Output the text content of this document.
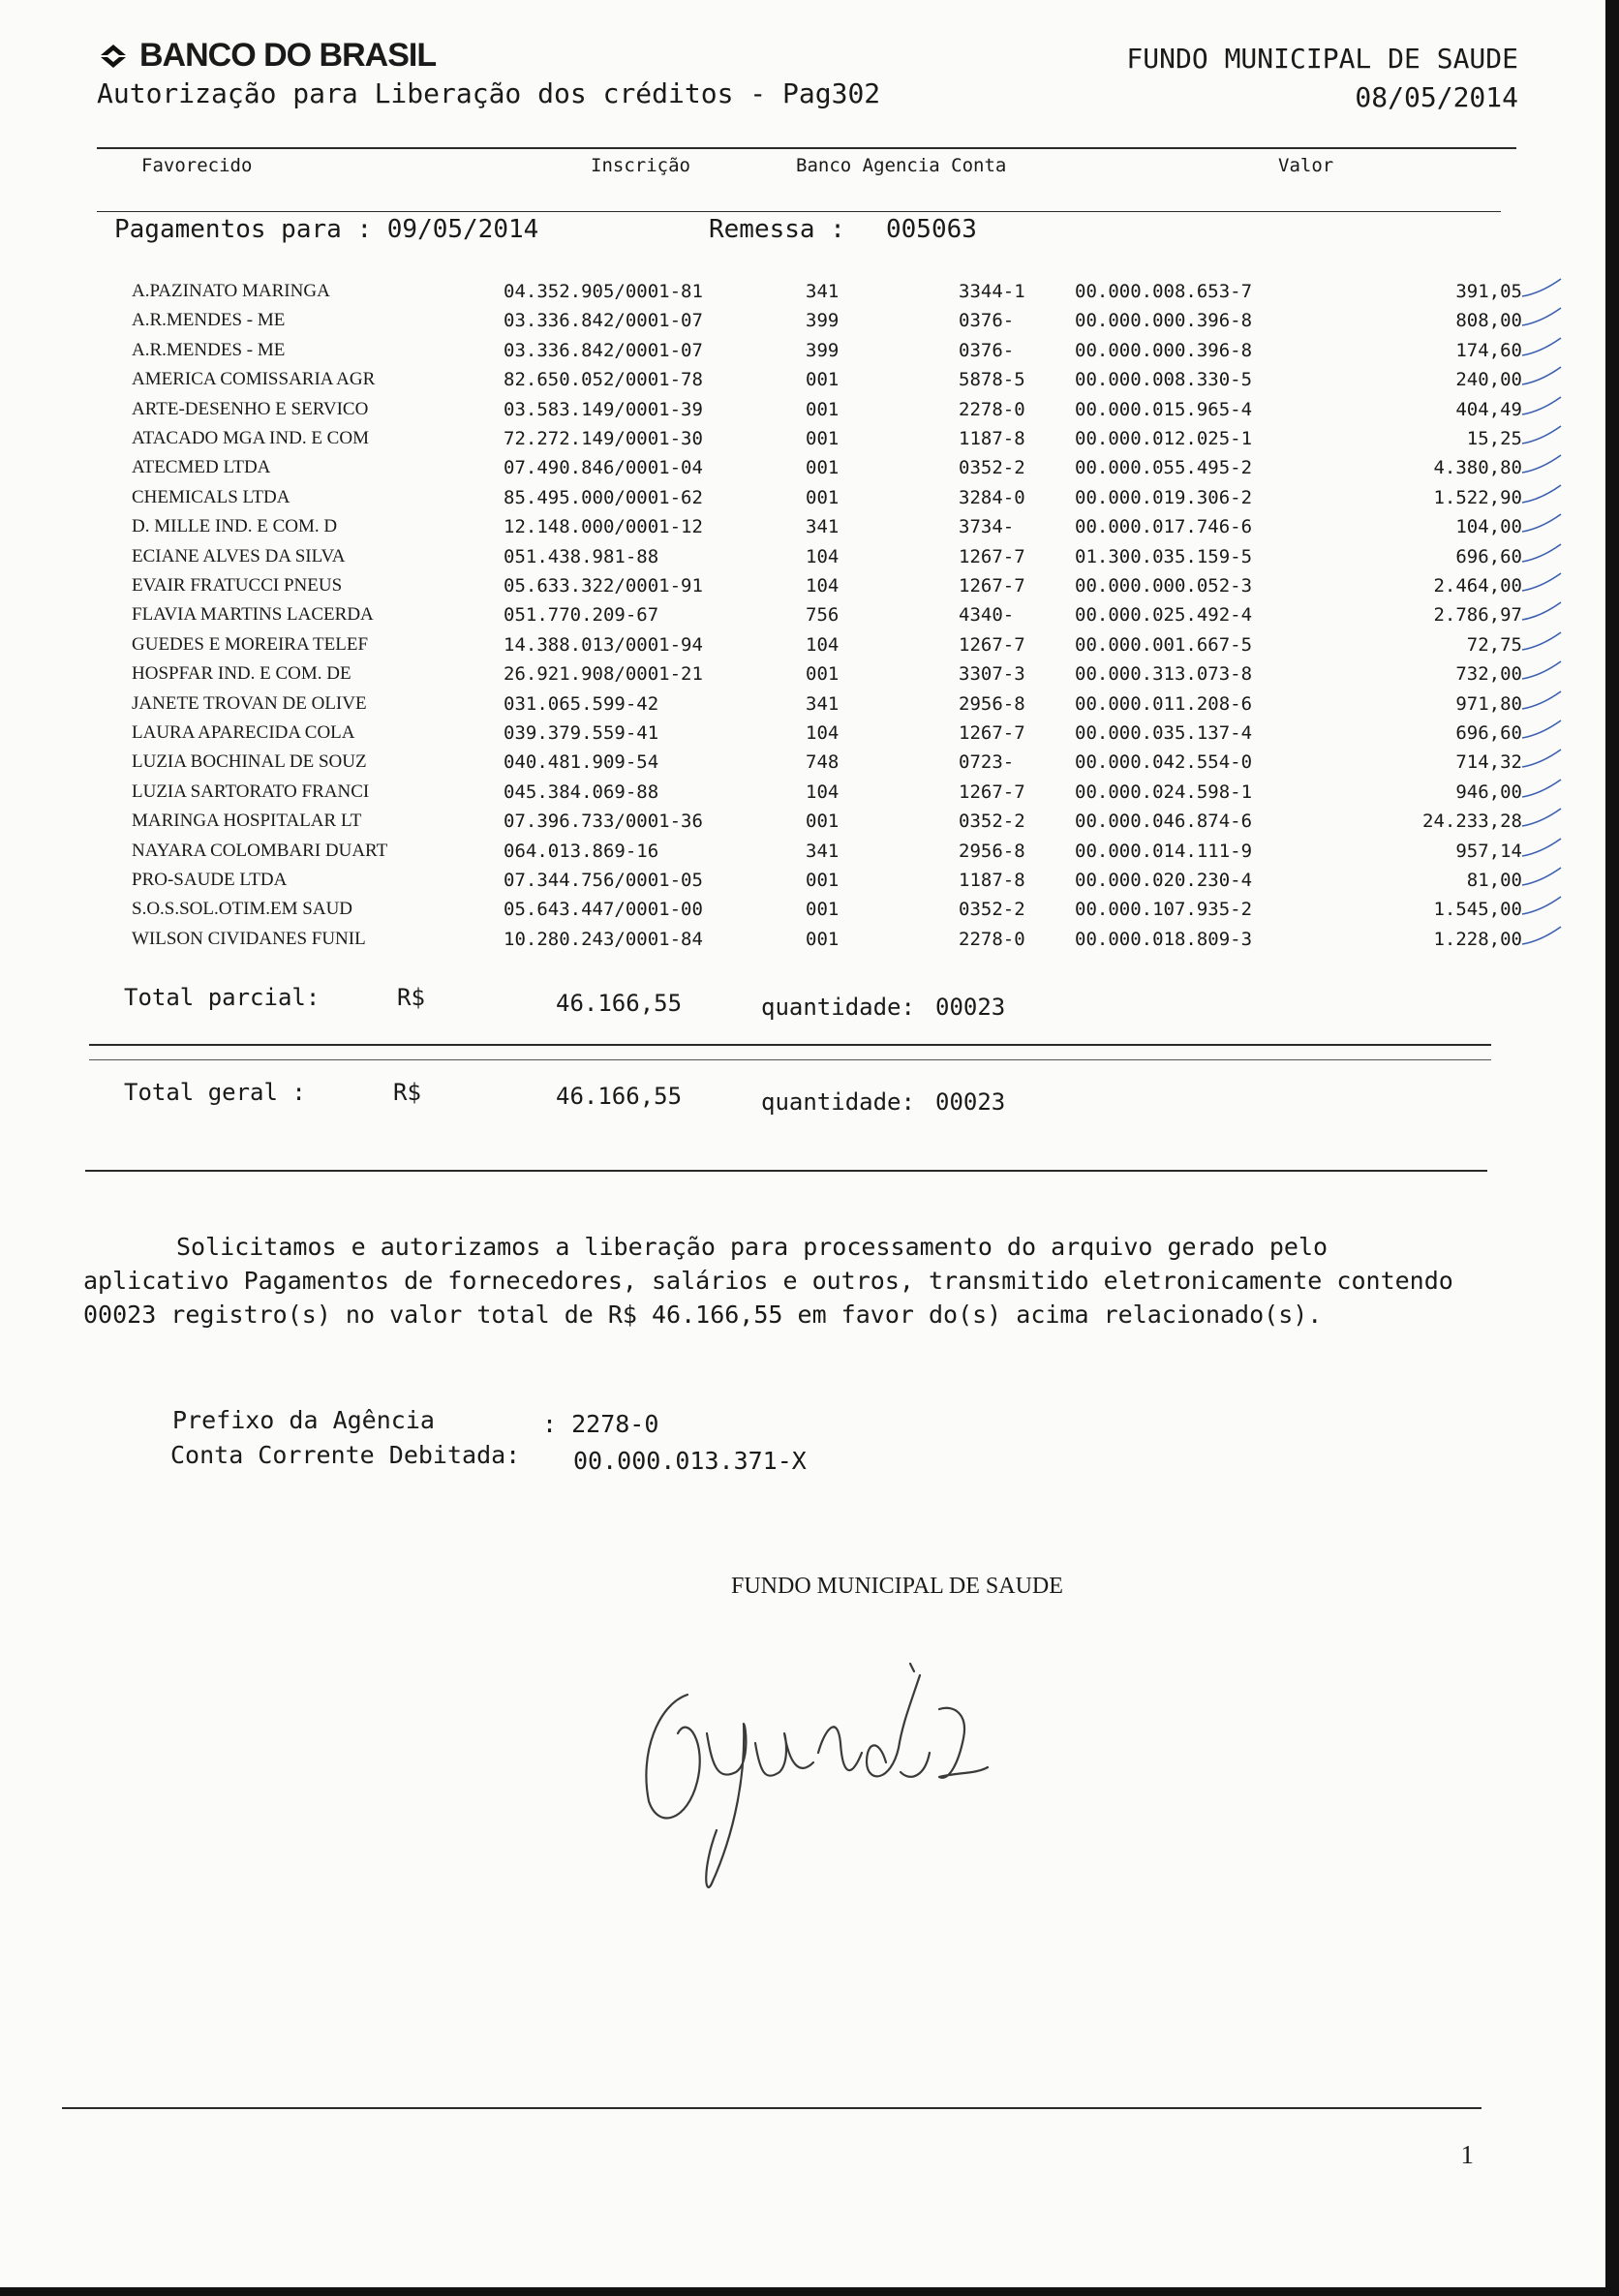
BANCO DO BRASIL
Autorização para Liberação dos créditos - Pag302
FUNDO MUNICIPAL DE SAUDE
08/05/2014
Favorecido	Inscrição	Banco Agencia Conta	Valor
Pagamentos para : 09/05/2014	Remessa : 005063
A.PAZINATO MARINGA	04.352.905/0001-81	341	3344-1	00.000.008.653-7	391,05
A.R.MENDES - ME	03.336.842/0001-07	399	0376-	00.000.000.396-8	808,00
A.R.MENDES - ME	03.336.842/0001-07	399	0376-	00.000.000.396-8	174,60
AMERICA COMISSARIA AGR	82.650.052/0001-78	001	5878-5	00.000.008.330-5	240,00
ARTE-DESENHO E SERVICO	03.583.149/0001-39	001	2278-0	00.000.015.965-4	404,49
ATACADO MGA IND. E COM	72.272.149/0001-30	001	1187-8	00.000.012.025-1	15,25
ATECMED LTDA	07.490.846/0001-04	001	0352-2	00.000.055.495-2	4.380,80
CHEMICALS LTDA	85.495.000/0001-62	001	3284-0	00.000.019.306-2	1.522,90
D. MILLE IND. E COM. D	12.148.000/0001-12	341	3734-	00.000.017.746-6	104,00
ECIANE ALVES DA SILVA	051.438.981-88	104	1267-7	01.300.035.159-5	696,60
EVAIR FRATUCCI PNEUS	05.633.322/0001-91	104	1267-7	00.000.000.052-3	2.464,00
FLAVIA MARTINS LACERDA	051.770.209-67	756	4340-	00.000.025.492-4	2.786,97
GUEDES E MOREIRA TELEF	14.388.013/0001-94	104	1267-7	00.000.001.667-5	72,75
HOSPFAR IND. E COM. DE	26.921.908/0001-21	001	3307-3	00.000.313.073-8	732,00
JANETE TROVAN DE OLIVE	031.065.599-42	341	2956-8	00.000.011.208-6	971,80
LAURA APARECIDA COLA	039.379.559-41	104	1267-7	00.000.035.137-4	696,60
LUZIA BOCHINAL DE SOUZ	040.481.909-54	748	0723-	00.000.042.554-0	714,32
LUZIA SARTORATO FRANCI	045.384.069-88	104	1267-7	00.000.024.598-1	946,00
MARINGA HOSPITALAR LT	07.396.733/0001-36	001	0352-2	00.000.046.874-6	24.233,28
NAYARA COLOMBARI DUART	064.013.869-16	341	2956-8	00.000.014.111-9	957,14
PRO-SAUDE LTDA	07.344.756/0001-05	001	1187-8	00.000.020.230-4	81,00
S.O.S.SOL.OTIM.EM SAUD	05.643.447/0001-00	001	0352-2	00.000.107.935-2	1.545,00
WILSON CIVIDANES FUNIL	10.280.243/0001-84	001	2278-0	00.000.018.809-3	1.228,00
Total parcial:	R$	46.166,55	quantidade: 00023
Total geral :	R$	46.166,55	quantidade: 00023

Solicitamos e autorizamos a liberação para processamento do arquivo gerado pelo aplicativo Pagamentos de fornecedores, salários e outros, transmitido eletronicamente contendo 00023 registro(s) no valor total de R$ 46.166,55 em favor do(s) acima relacionado(s).

Prefixo da Agência	: 2278-0
Conta Corrente Debitada: 00.000.013.371-X
FUNDO MUNICIPAL DE SAUDE
1
